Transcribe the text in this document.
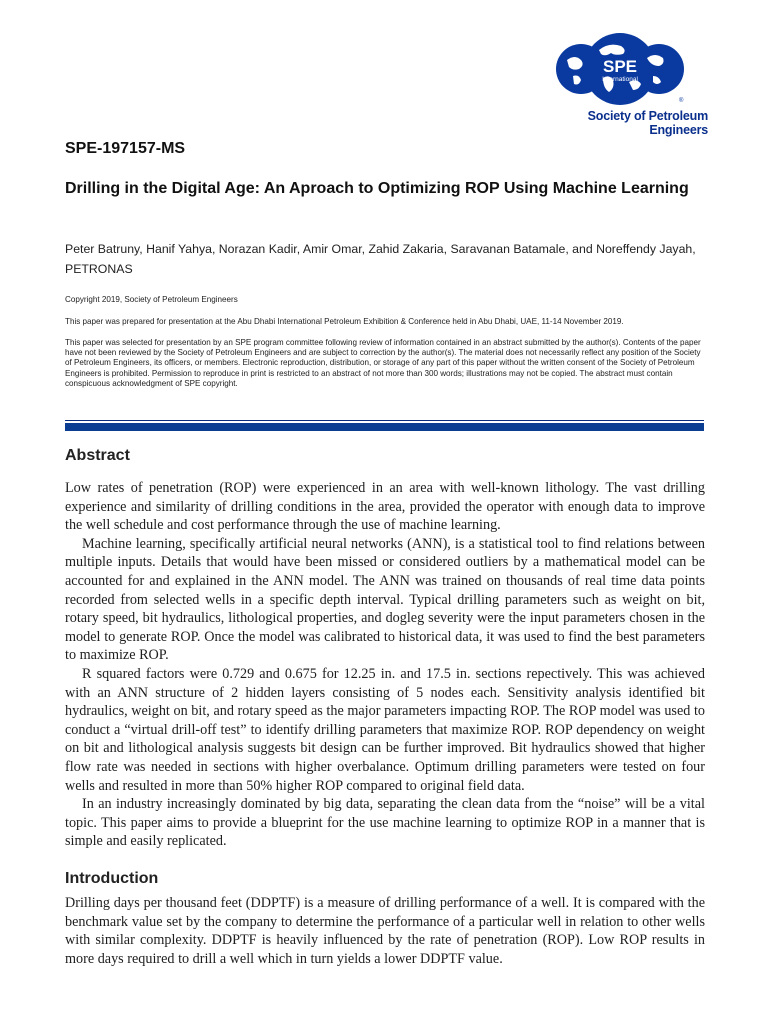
SPE
International
®
Society of Petroleum Engineers
SPE-197157-MS
Drilling in the Digital Age: An Aproach to Optimizing ROP Using Machine Learning
Peter Batruny, Hanif Yahya, Norazan Kadir, Amir Omar, Zahid Zakaria, Saravanan Batamale, and Noreffendy Jayah, PETRONAS
Copyright 2019, Society of Petroleum Engineers
This paper was prepared for presentation at the Abu Dhabi International Petroleum Exhibition & Conference held in Abu Dhabi, UAE, 11-14 November 2019.
This paper was selected for presentation by an SPE program committee following review of information contained in an abstract submitted by the author(s). Contents of the paper have not been reviewed by the Society of Petroleum Engineers and are subject to correction by the author(s). The material does not necessarily reflect any position of the Society of Petroleum Engineers, its officers, or members. Electronic reproduction, distribution, or storage of any part of this paper without the written consent of the Society of Petroleum Engineers is prohibited. Permission to reproduce in print is restricted to an abstract of not more than 300 words; illustrations may not be copied. The abstract must contain conspicuous acknowledgment of SPE copyright.
Abstract

Low rates of penetration (ROP) were experienced in an area with well-known lithology. The vast drilling experience and similarity of drilling conditions in the area, provided the operator with enough data to improve the well schedule and cost performance through the use of machine learning.

Machine learning, specifically artificial neural networks (ANN), is a statistical tool to find relations between multiple inputs. Details that would have been missed or considered outliers by a mathematical model can be accounted for and explained in the ANN model. The ANN was trained on thousands of real time data points recorded from selected wells in a specific depth interval. Typical drilling parameters such as weight on bit, rotary speed, bit hydraulics, lithological properties, and dogleg severity were the input parameters chosen in the model to generate ROP. Once the model was calibrated to historical data, it was used to find the best parameters to maximize ROP.

R squared factors were 0.729 and 0.675 for 12.25 in. and 17.5 in. sections repectively. This was achieved with an ANN structure of 2 hidden layers consisting of 5 nodes each. Sensitivity analysis identified bit hydraulics, weight on bit, and rotary speed as the major parameters impacting ROP. The ROP model was used to conduct a “virtual drill-off test” to identify drilling parameters that maximize ROP. ROP dependency on weight on bit and lithological analysis suggests bit design can be further improved. Bit hydraulics showed that higher flow rate was needed in sections with higher overbalance. Optimum drilling parameters were tested on four wells and resulted in more than 50% higher ROP compared to original field data.

In an industry increasingly dominated by big data, separating the clean data from the “noise” will be a vital topic. This paper aims to provide a blueprint for the use machine learning to optimize ROP in a manner that is simple and easily replicated.

Introduction

Drilling days per thousand feet (DDPTF) is a measure of drilling performance of a well. It is compared with the benchmark value set by the company to determine the performance of a particular well in relation to other wells with similar complexity. DDPTF is heavily influenced by the rate of penetration (ROP). Low ROP results in more days required to drill a well which in turn yields a lower DDPTF value.
